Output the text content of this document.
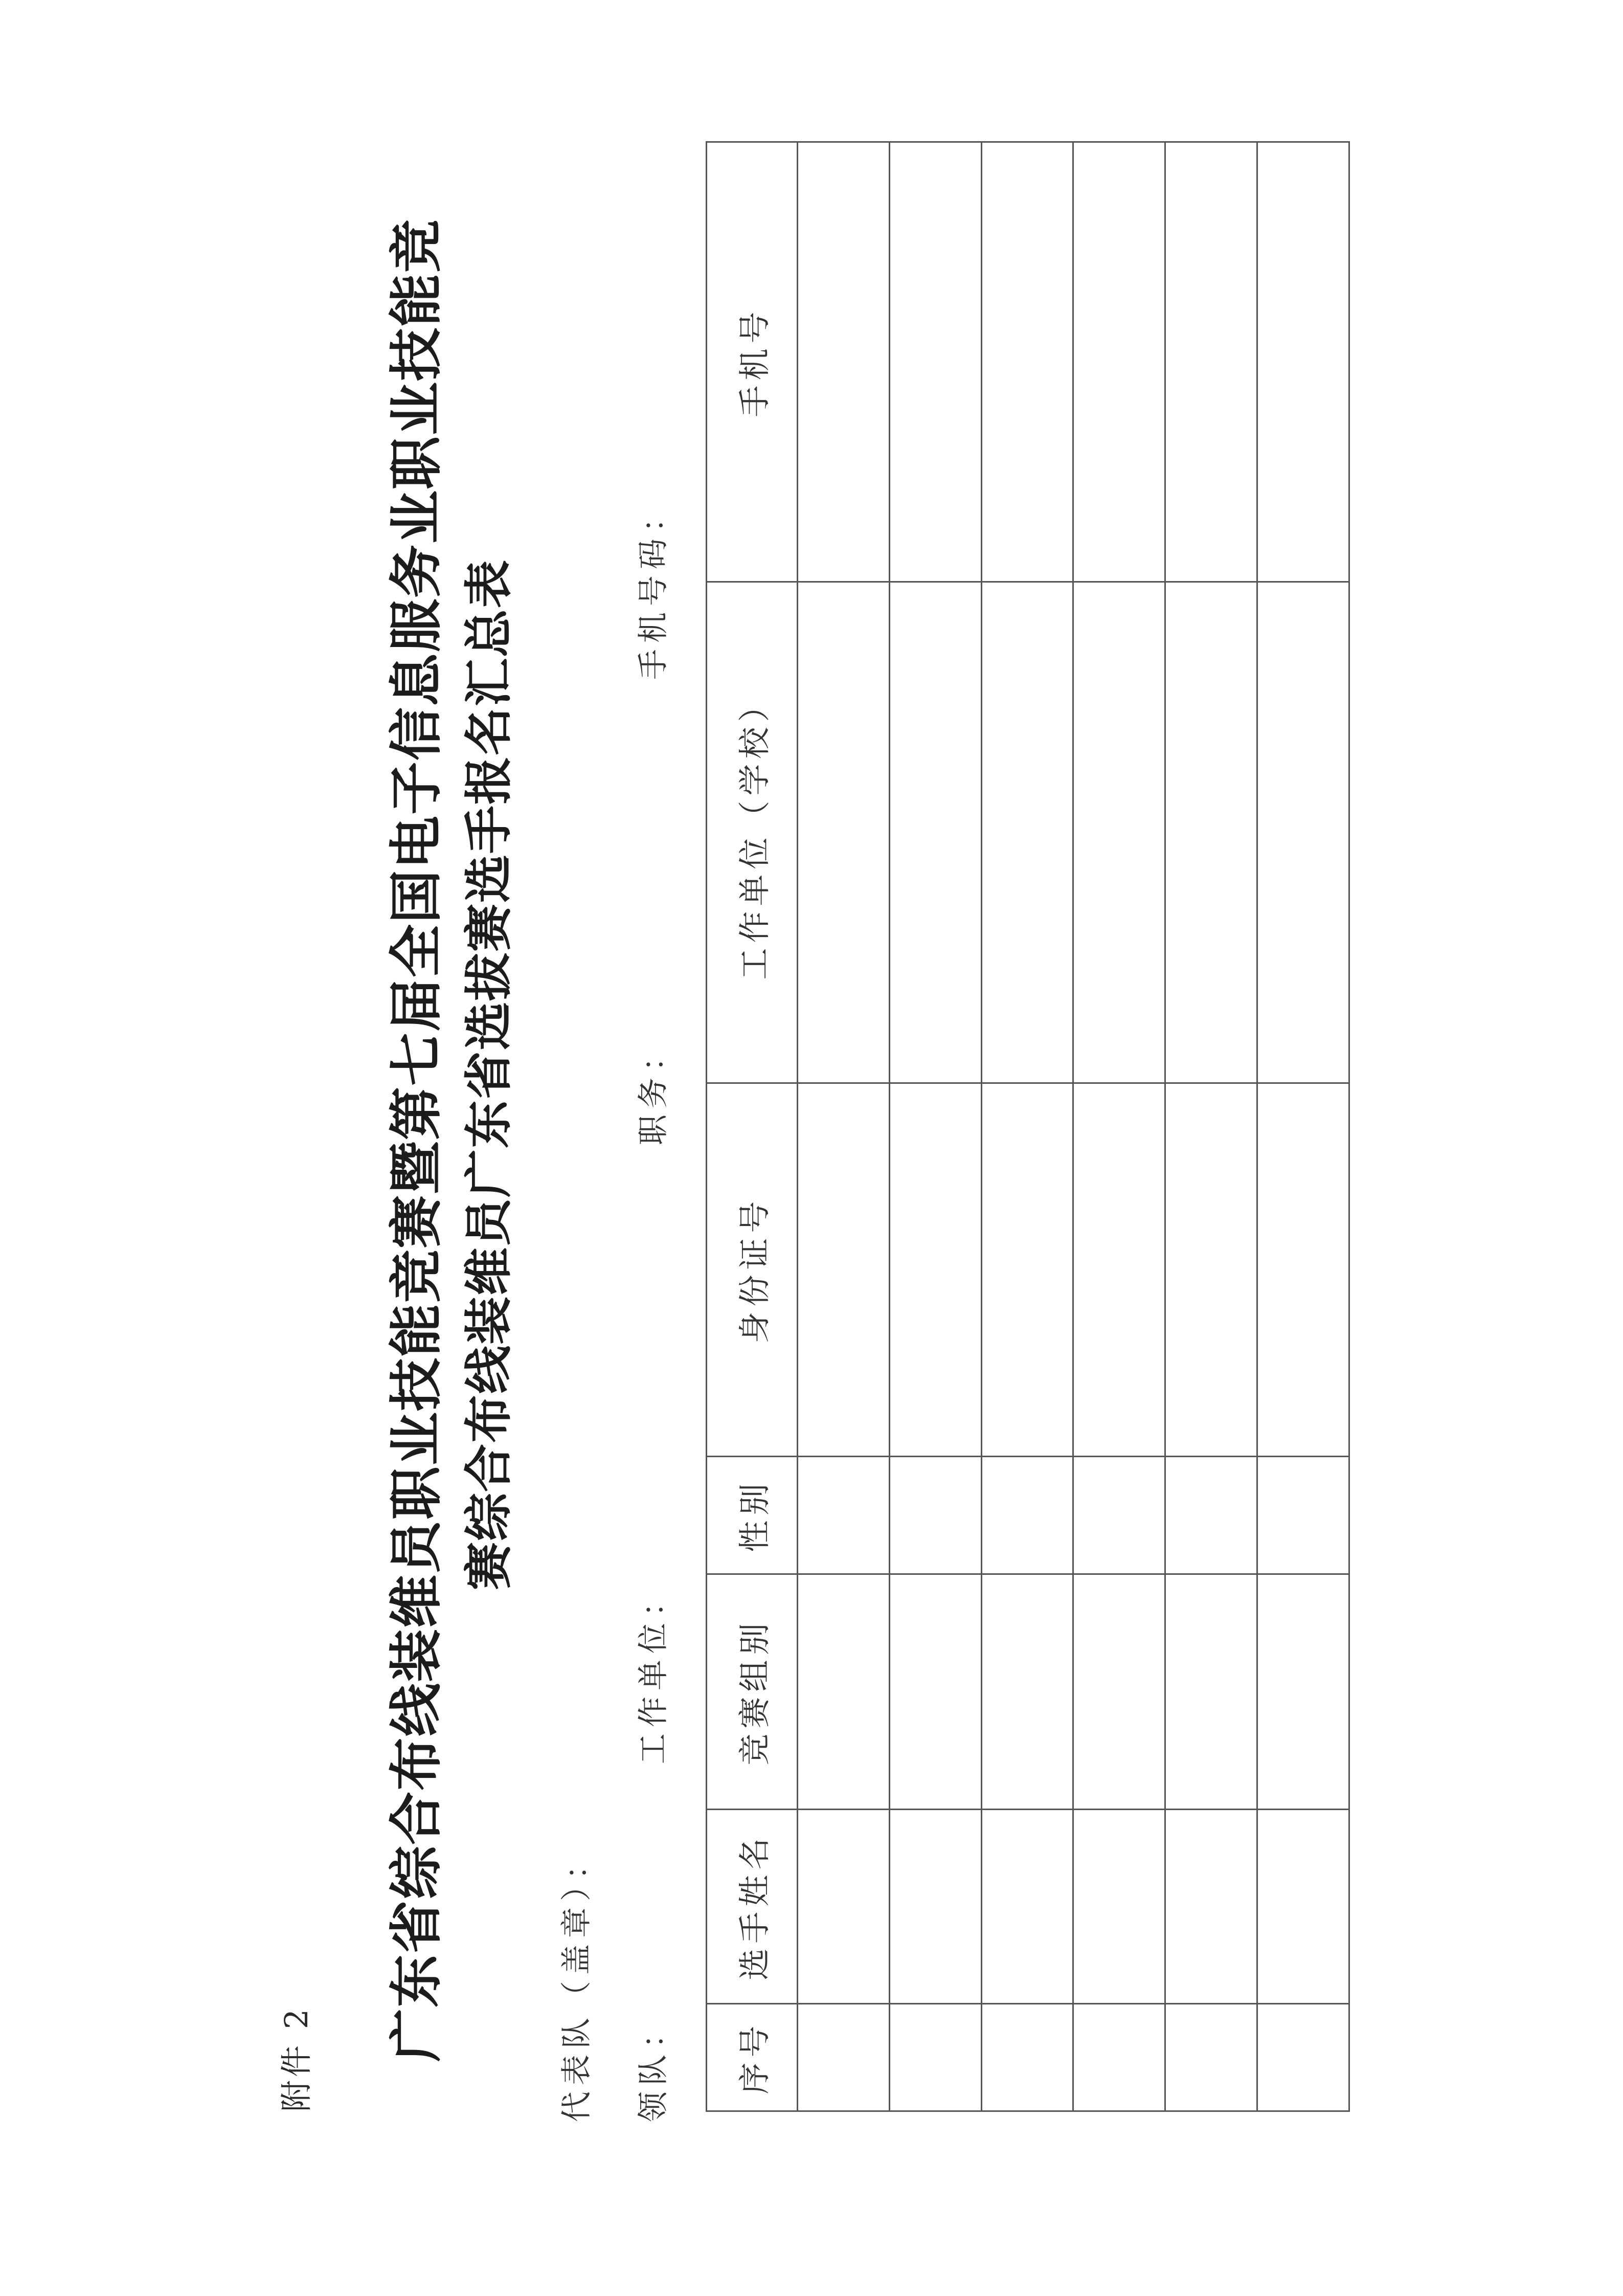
附件 2 广东省综合布线装维员职业技能竞赛暨第七届全国电子信息服务业职业技能竞 赛综合布线装维员广东省选拔赛选手报名汇总表
代表队（盖章）： 领队：
工作单位：
职务：
手机号码：
序号	选手姓名	竞赛组别	性别	身份证号	工作单位（学校）	手机号
